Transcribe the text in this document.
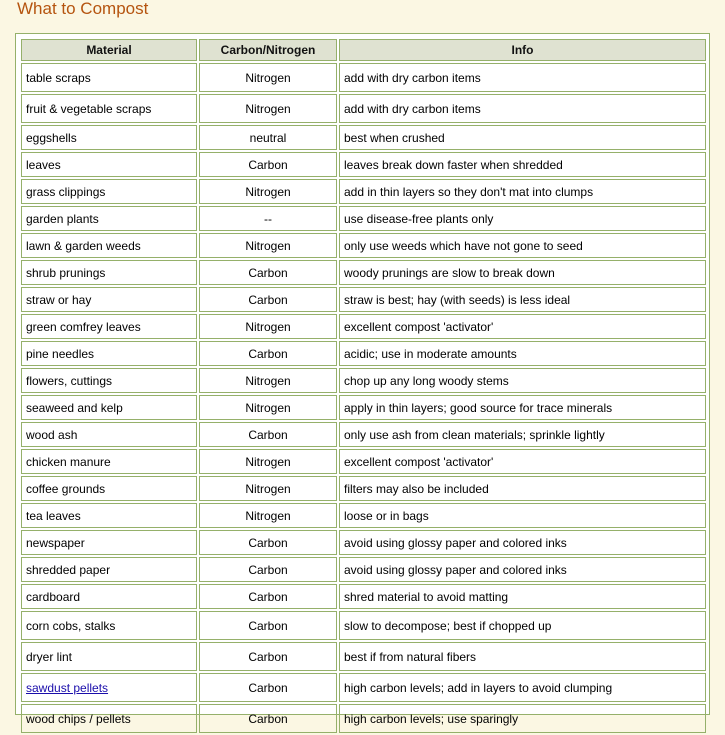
What to Compost
Material	Carbon/Nitrogen	Info
table scraps	Nitrogen	add with dry carbon items
fruit & vegetable scraps	Nitrogen	add with dry carbon items
eggshells	neutral	best when crushed
leaves	Carbon	leaves break down faster when shredded
grass clippings	Nitrogen	add in thin layers so they don't mat into clumps
garden plants	--	use disease-free plants only
lawn & garden weeds	Nitrogen	only use weeds which have not gone to seed
shrub prunings	Carbon	woody prunings are slow to break down
straw or hay	Carbon	straw is best; hay (with seeds) is less ideal
green comfrey leaves	Nitrogen	excellent compost 'activator'
pine needles	Carbon	acidic; use in moderate amounts
flowers, cuttings	Nitrogen	chop up any long woody stems
seaweed and kelp	Nitrogen	apply in thin layers; good source for trace minerals
wood ash	Carbon	only use ash from clean materials; sprinkle lightly
chicken manure	Nitrogen	excellent compost 'activator'
coffee grounds	Nitrogen	filters may also be included
tea leaves	Nitrogen	loose or in bags
newspaper	Carbon	avoid using glossy paper and colored inks
shredded paper	Carbon	avoid using glossy paper and colored inks
cardboard	Carbon	shred material to avoid matting
corn cobs, stalks	Carbon	slow to decompose; best if chopped up
dryer lint	Carbon	best if from natural fibers
sawdust pellets	Carbon	high carbon levels; add in layers to avoid clumping
wood chips / pellets	Carbon	high carbon levels; use sparingly
